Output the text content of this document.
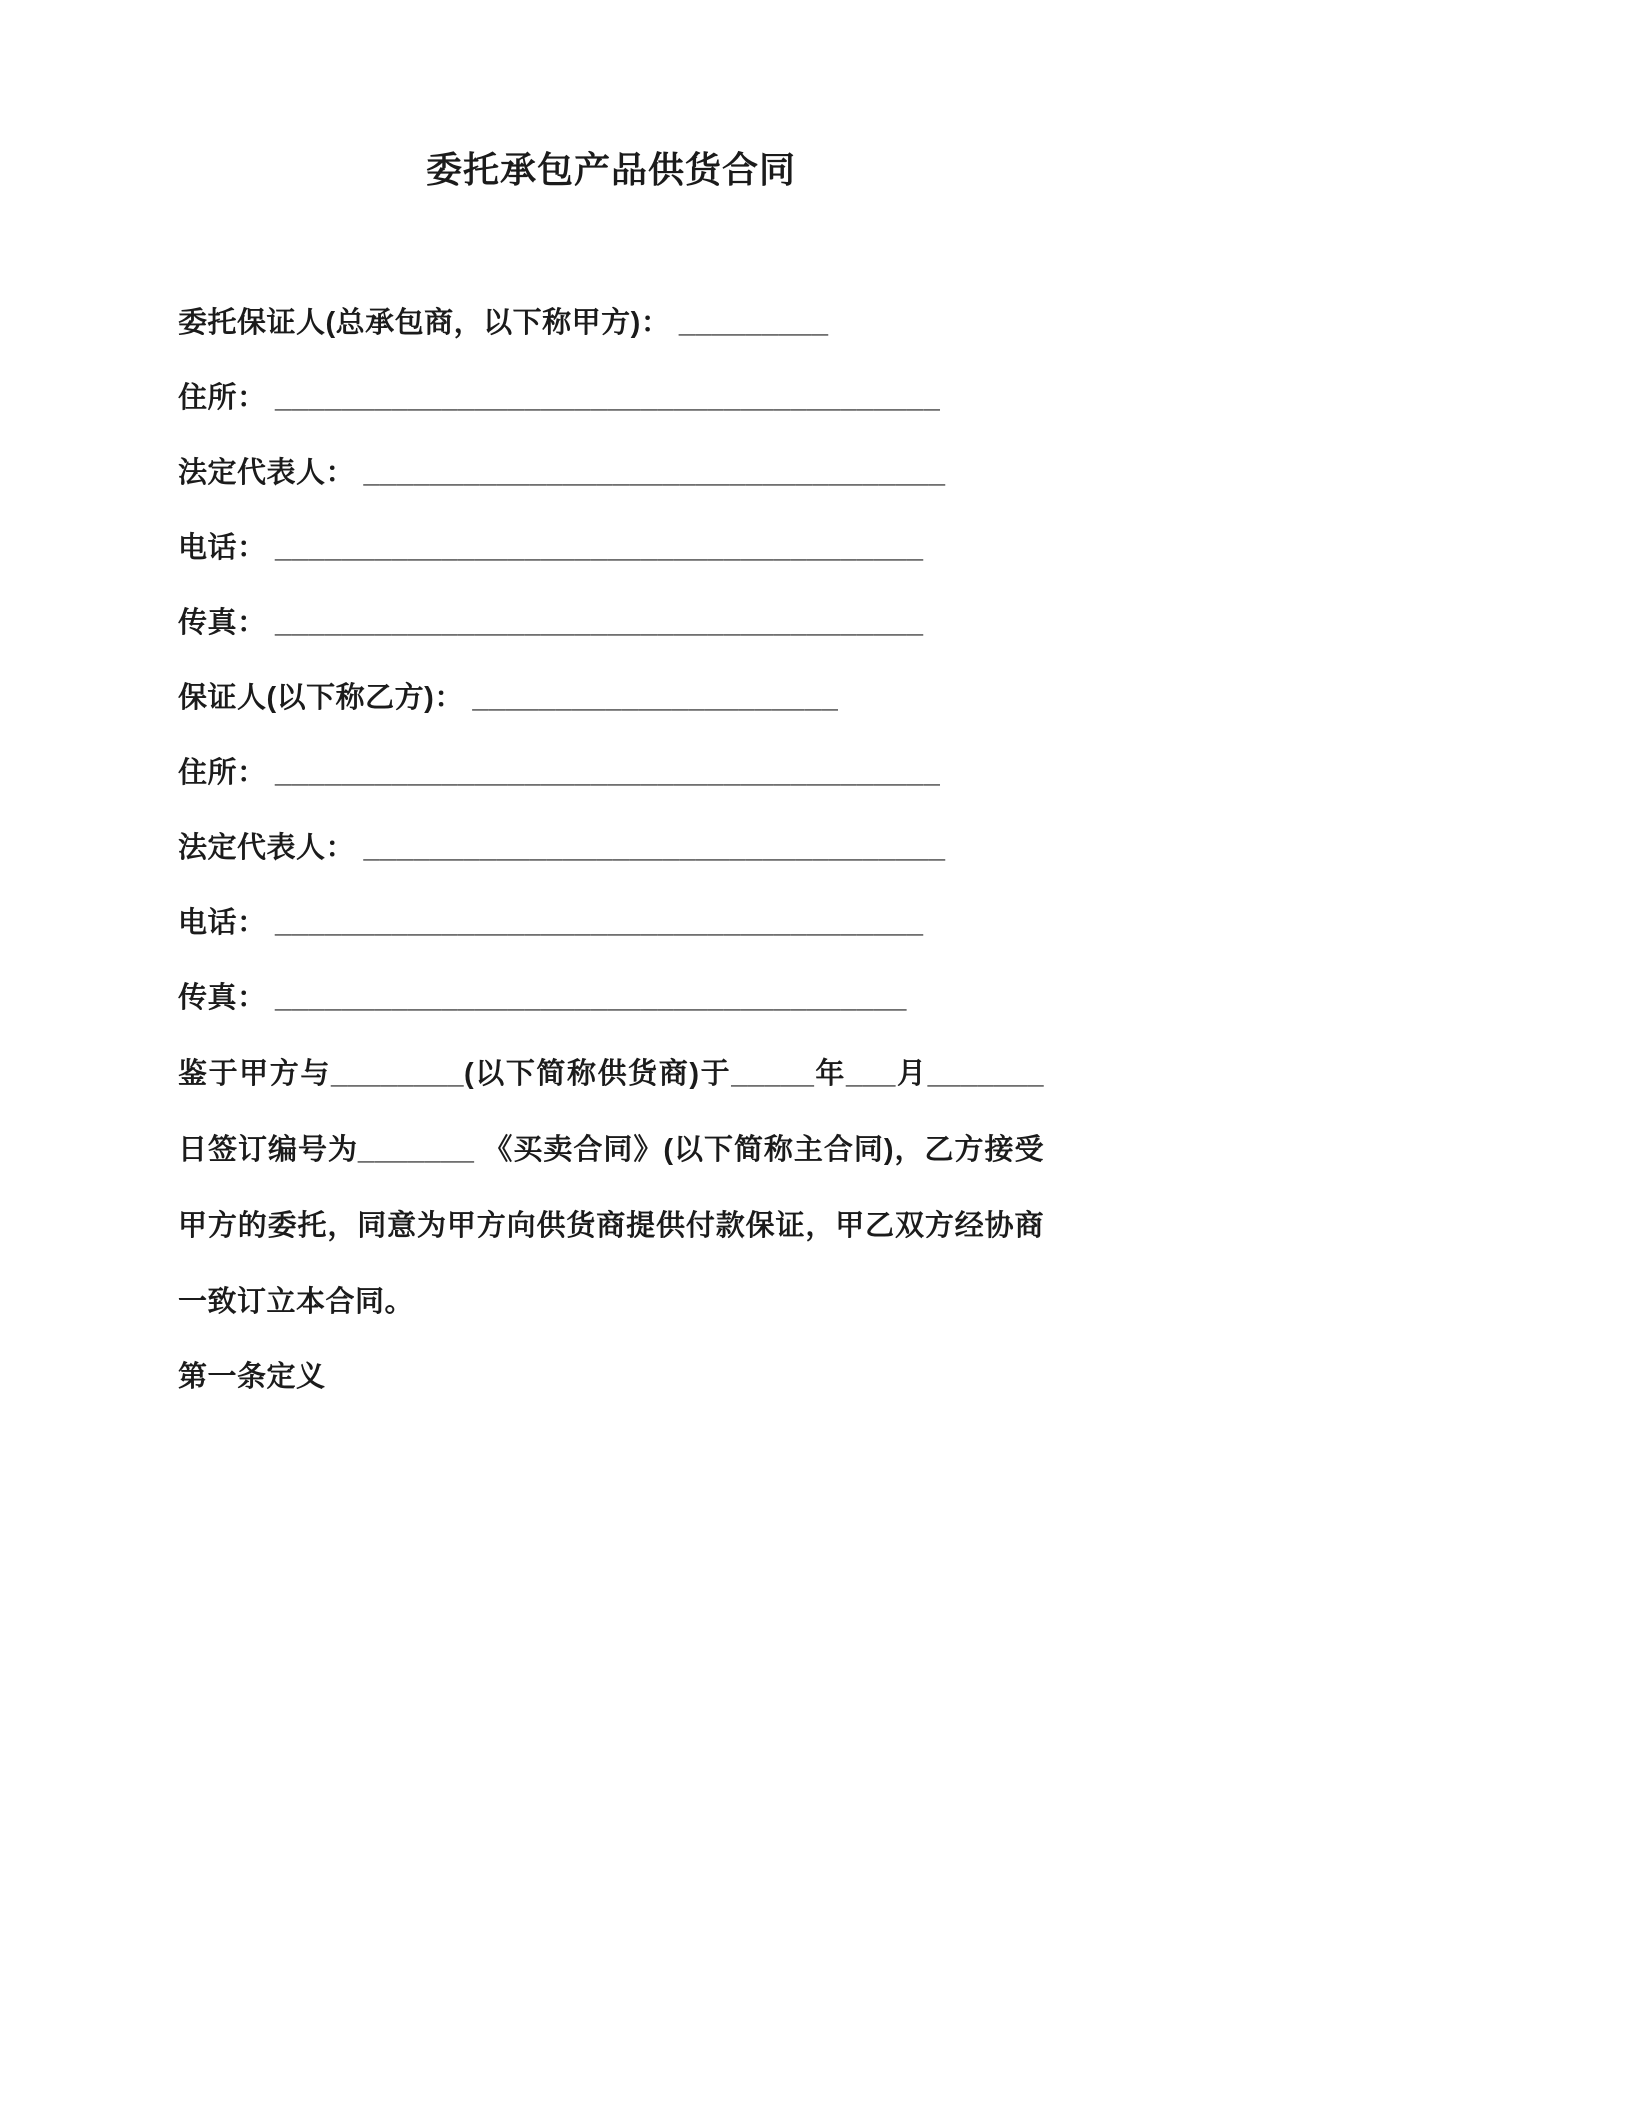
委托承包产品供货合同

委托保证人(总承包商，以下称甲方)： _________

住所： ________________________________________

法定代表人： ___________________________________

电话： _______________________________________

传真： _______________________________________

保证人(以下称乙方)： ______________________

住所： ________________________________________

法定代表人： ___________________________________

电话： _______________________________________

传真： ______________________________________

鉴于甲方与________(以下简称供货商)于_____年___月_______日签订编号为_______ 《买卖合同》(以下简称主合同)，乙方接受甲方的委托，同意为甲方向供货商提供付款保证，甲乙双方经协商一致订立本合同。

第一条定义
